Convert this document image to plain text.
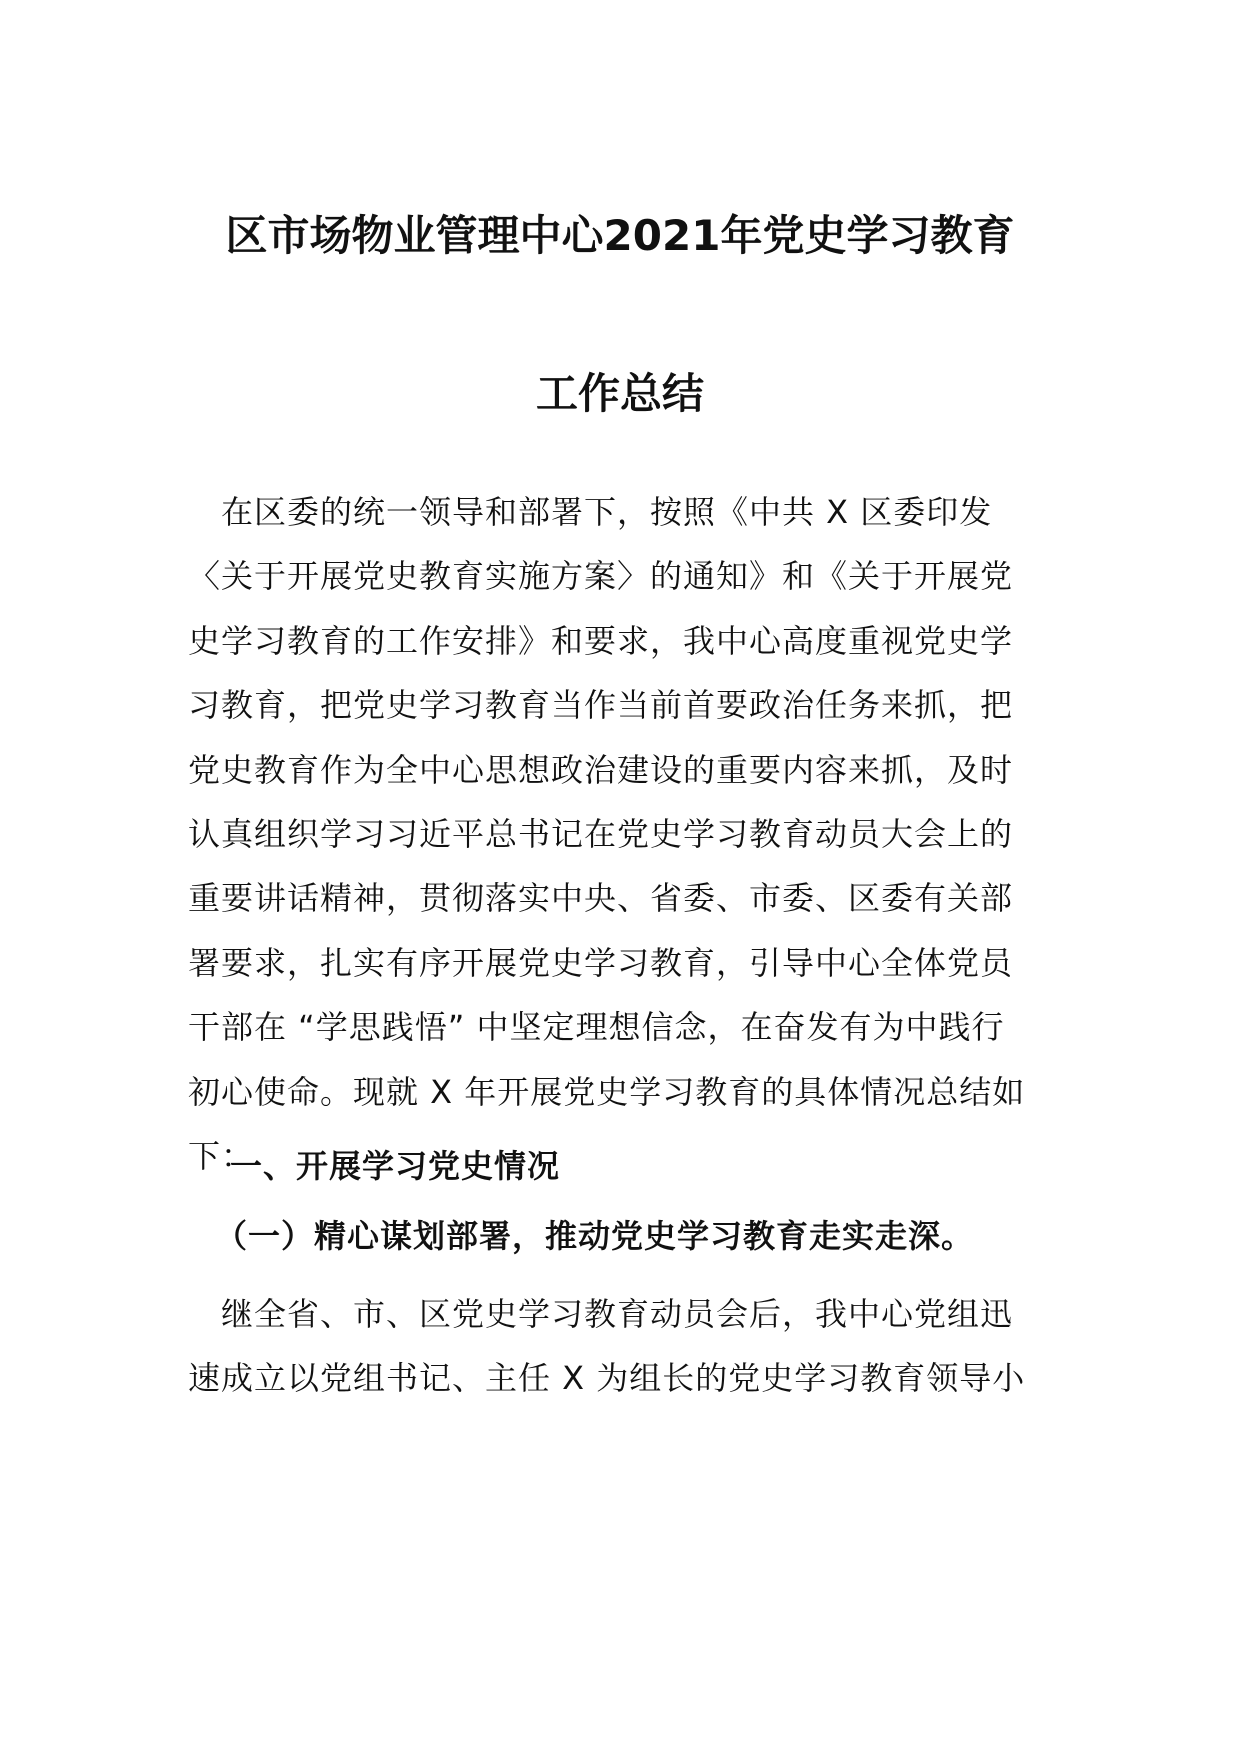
区市场物业管理中心2021年党史学习教育
工作总结
　在区委的统一领导和部署下，按照《中共 X 区委印发
〈关于开展党史教育实施方案〉的通知》和《关于开展党
史学习教育的工作安排》和要求，我中心高度重视党史学
习教育，把党史学习教育当作当前首要政治任务来抓，把
党史教育作为全中心思想政治建设的重要内容来抓，及时
认真组织学习习近平总书记在党史学习教育动员大会上的
重要讲话精神，贯彻落实中央、省委、市委、区委有关部
署要求，扎实有序开展党史学习教育，引导中心全体党员
干部在 “学思践悟” 中坚定理想信念，在奋发有为中践行
初心使命。现就 X 年开展党史学习教育的具体情况总结如
下：
一、开展学习党史情况
（一）精心谋划部署，推动党史学习教育走实走深。
　继全省、市、区党史学习教育动员会后，我中心党组迅
速成立以党组书记、主任 X 为组长的党史学习教育领导小
